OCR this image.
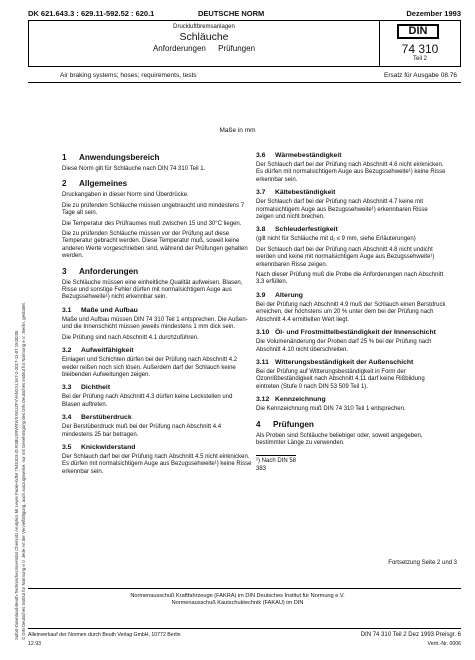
Sofort-Download-Beuth-TechnischeUniversitat Chemnitz Analytics Mr Lewis Poole-KdNr 7545103-ID.R3BUSRWRWSXEUZFVVANXXL1K7-2-2017-11-07 15:00:05 © DIN Deutsches Institut für Normung e.V. Jede Art der Vervielfältigung, auch auszugsweise, nur mit Genehmigung des DIN Deutsches Institut für Normung e.V., Berlin, gestattet.
DK 621.643.3 : 629.11-592.52 : 620.1	DEUTSCHE NORM	Dezember 1993
Druckluftbremsanlagen
Schläuche
Anforderungen Prüfungen
DIN
74 310
Teil 2
Air braking systems; hoses; requirements, tests	Ersatz für Ausgabe 08.76
Maße in mm
1 Anwendungsbereich

Diese Norm gilt für Schläuche nach DIN 74 310 Teil 1.

2 Allgemeines

Druckangaben in dieser Norm sind Überdrücke.

Die zu prüfenden Schläuche müssen ungebraucht und mindestens 7 Tage alt sein.

Die Temperatur des Prüfraumes muß zwischen 15 und 30°C liegen.

Die zu prüfenden Schläuche müssen vor der Prüfung auf diese Temperatur gebracht werden. Diese Temperatur muß, soweit keine anderen Werte vorgeschrieben sind, während der Prüfungen gehalten werden.

3 Anforderungen

Die Schläuche müssen eine einheitliche Qualität aufweisen. Blasen, Risse und sonstige Fehler dürfen mit normalsichtigem Auge aus Bezugssehweite¹) nicht erkennbar sein.

3.1 Maße und Aufbau

Maße und Aufbau müssen DIN 74 310 Teil 1 entsprechen. Die Außen- und die Innenschicht müssen jeweils mindestens 1 mm dick sein.

Die Prüfung sind nach Abschnitt 4.1 durchzuführen.

3.2 Aufweitfähigkeit

Einlagen und Schichten dürfen bei der Prüfung nach Abschnitt 4.2 weder reißen noch sich lösen. Außerdem darf der Schlauch keine bleibenden Aufweitungen zeigen.

3.3 Dichtheit

Bei der Prüfung nach Abschnitt 4.3 dürfen keine Leckstellen und Blasen auftreten.

3.4 Berstüberdruck

Der Berstüberdruck muß bei der Prüfung nach Abschnitt 4.4 mindestens 25 bar betragen.

3.5 Knickwiderstand

Der Schlauch darf bei der Prüfung nach Abschnitt 4.5 nicht einknicken. Es dürfen mit normalsichtigem Auge aus Bezugssehweite¹) keine Risse erkennbar sein.

3.6 Wärmebeständigkeit

Der Schlauch darf bei der Prüfung nach Abschnitt 4.6 nicht einknicken. Es dürfen mit normalsichtigem Auge aus Bezugssehweite¹) keine Risse erkennbar sein.

3.7 Kältebeständigkeit

Der Schlauch darf bei der Prüfung nach Abschnitt 4.7 keine mit normalsichtigem Auge aus Bezugssehweite¹) erkennbaren Risse zeigen und nicht brechen.

3.8 Schleuderfestigkeit

(gilt nicht für Schläuche mit d₁ ≤ 9 mm, siehe Erläuterungen)

Der Schlauch darf bei der Prüfung nach Abschnitt 4.8 nicht undicht werden und keine mit normalsichtigem Auge aus Bezugssehweite¹) erkennbaren Risse zeigen.

Nach dieser Prüfung muß die Probe die Anforderungen nach Abschnitt 3.3 erfüllen.

3.9 Alterung

Bei der Prüfung nach Abschnitt 4.9 muß der Schlauch einen Berstdruck erreichen, der höchstens um 20 % unter dem bei der Prüfung nach Abschnitt 4.4 ermittelten Wert liegt.

3.10 Öl- und Frostmittelbeständigkeit der Innenschicht

Die Volumenänderung der Proben darf 25 % bei der Prüfung nach Abschnitt 4.10 nicht überschreiten.

3.11 Witterungsbeständigkeit der Außenschicht

Bei der Prüfung auf Witterungsbeständigkeit in Form der Ozonrißbeständigkeit nach Abschnitt 4.11 darf keine Rißbildung eintreten (Stufe 0 nach DIN 53 509 Teil 1).

3.12 Kennzeichnung

Die Kennzeichnung muß DIN 74 310 Teil 1 entsprechen.

4 Prüfungen

Als Proben sind Schläuche beliebiger oder, soweit angegeben, bestimmter Länge zu verwenden.

¹) Nach DIN 58 383
Fortsetzung Seite 2 und 3
Normenausschuß Kraftfahrzeuge (FAKRA) im DIN Deutsches Institut für Normung e.V.
Normenausschuß Kautschuktechnik (FAKAU) im DIN
Alleinverkauf der Normen durch Beuth Verlag GmbH, 10772 Berlin
12.93
DIN 74 310 Teil 2 Dez 1993 Preisgr. 6
Vertr.-Nr. 0006
